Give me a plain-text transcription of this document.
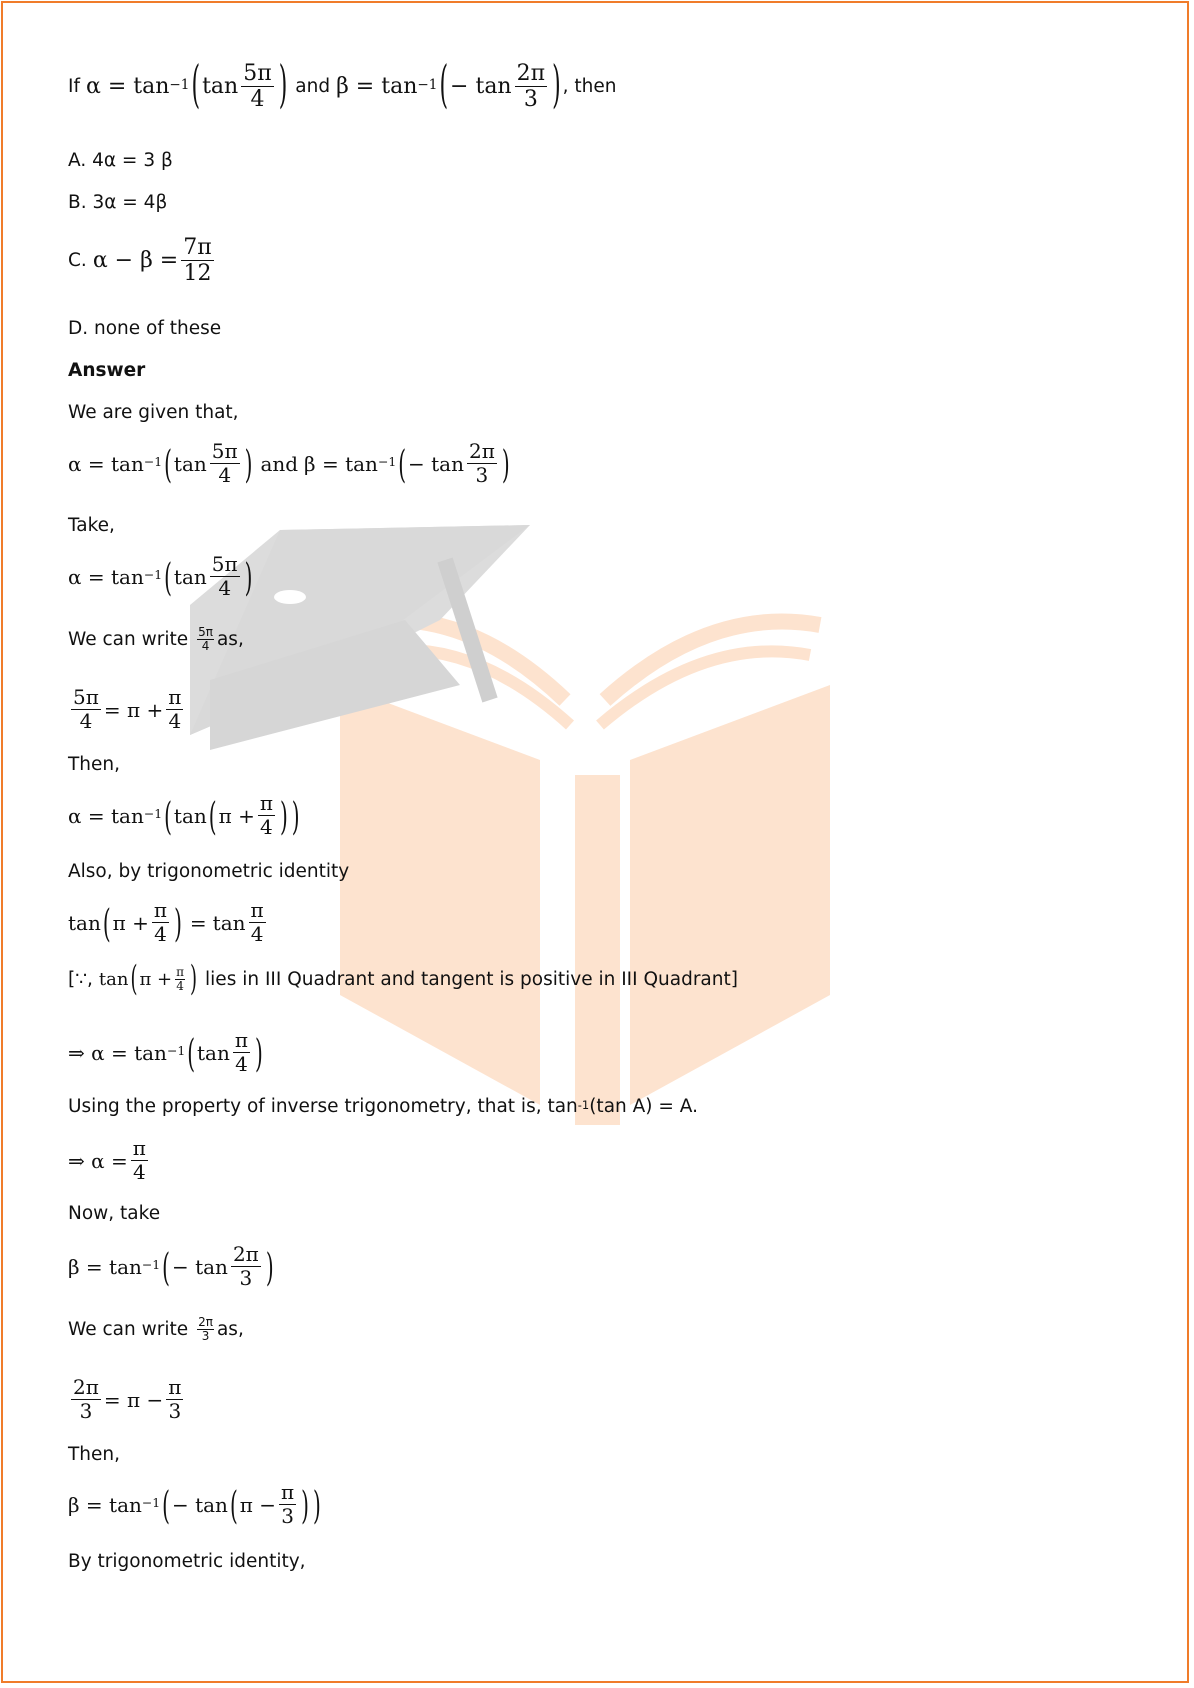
If α = tan −1 ( $\tan \frac{5\pi}{4}$ ) and β = tan −1 ( − $\tan \frac{2\pi}{3}$ ) , then
A. 4α = 3 β
B. 3α = 4β
C. $\alpha - \beta = \frac{7\pi}{12}$
D. none of these
Answer
We are given that,
α = tan −1 ( $\tan \frac{5\pi}{4}$ ) and β = tan −1 ( − $\tan \frac{2\pi}{3}$ )
Take,
α = tan −1 ( $\tan \frac{5\pi}{4}$ )
We can write $\frac{5\pi}{4}$ as,
$\frac{5\pi}{4} = \pi + \frac{\pi}{4}$
Then,
α = tan −1 ( tan ( $\pi + \frac{\pi}{4}$ ) )
Also, by trigonometric identity
tan ( $\pi + \frac{\pi}{4}$ ) = $\tan \frac{\pi}{4}$
[∵, tan ( $\pi + \frac{\pi}{4}$ ) lies in III Quadrant and tangent is positive in III Quadrant]
⇒ α = tan −1 ( $\tan \frac{\pi}{4}$ )
Using the property of inverse trigonometry, that is, tan -1 (tan A) = A.
⇒ $\alpha = \frac{\pi}{4}$
Now, take
β = tan −1 ( − $\tan \frac{2\pi}{3}$ )
We can write $\frac{2\pi}{3}$ as,
$\frac{2\pi}{3} = \pi - \frac{\pi}{3}$
Then,
β = tan −1 ( − tan ( $\pi - \frac{\pi}{3}$ ) )
By trigonometric identity,
